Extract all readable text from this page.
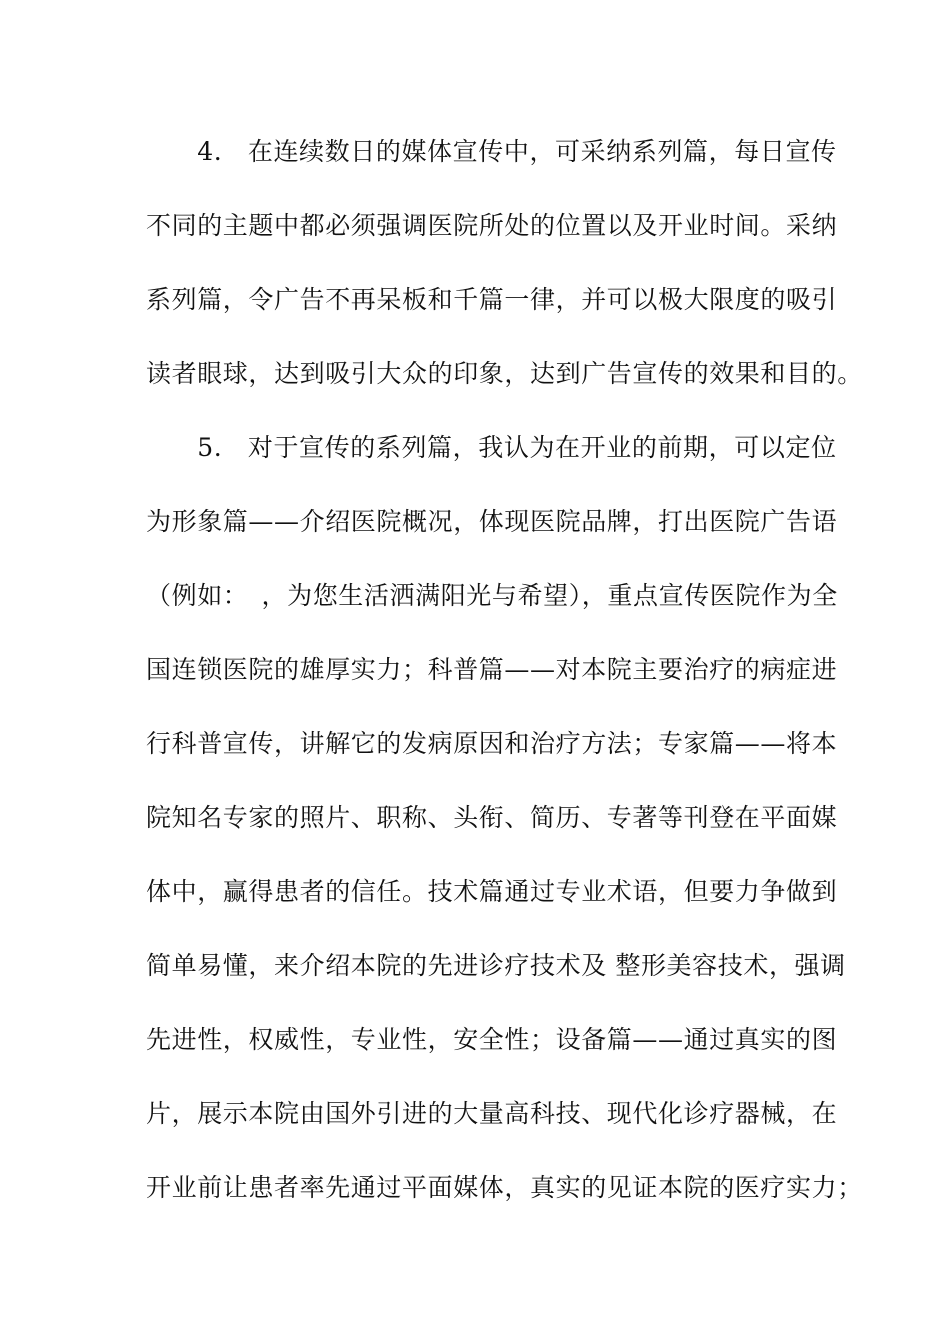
　　4.　在连续数日的媒体宣传中，可采纳系列篇，每日宣传
不同的主题中都必须强调医院所处的位置以及开业时间。采纳
系列篇，令广告不再呆板和千篇一律，并可以极大限度的吸引
读者眼球，达到吸引大众的印象，达到广告宣传的效果和目的。
　　5.　对于宣传的系列篇，我认为在开业的前期，可以定位
为形象篇——介绍医院概况，体现医院品牌，打出医院广告语
（例如：　，为您生活洒满阳光与希望），重点宣传医院作为全
国连锁医院的雄厚实力；科普篇——对本院主要治疗的病症进
行科普宣传，讲解它的发病原因和治疗方法；专家篇——将本
院知名专家的照片、职称、头衔、简历、专著等刊登在平面媒
体中，赢得患者的信任。技术篇通过专业术语，但要力争做到
简单易懂，来介绍本院的先进诊疗技术及 整形美容技术，强调
先进性，权威性，专业性，安全性；设备篇——通过真实的图
片，展示本院由国外引进的大量高科技、现代化诊疗器械，在
开业前让患者率先通过平面媒体，真实的见证本院的医疗实力；
